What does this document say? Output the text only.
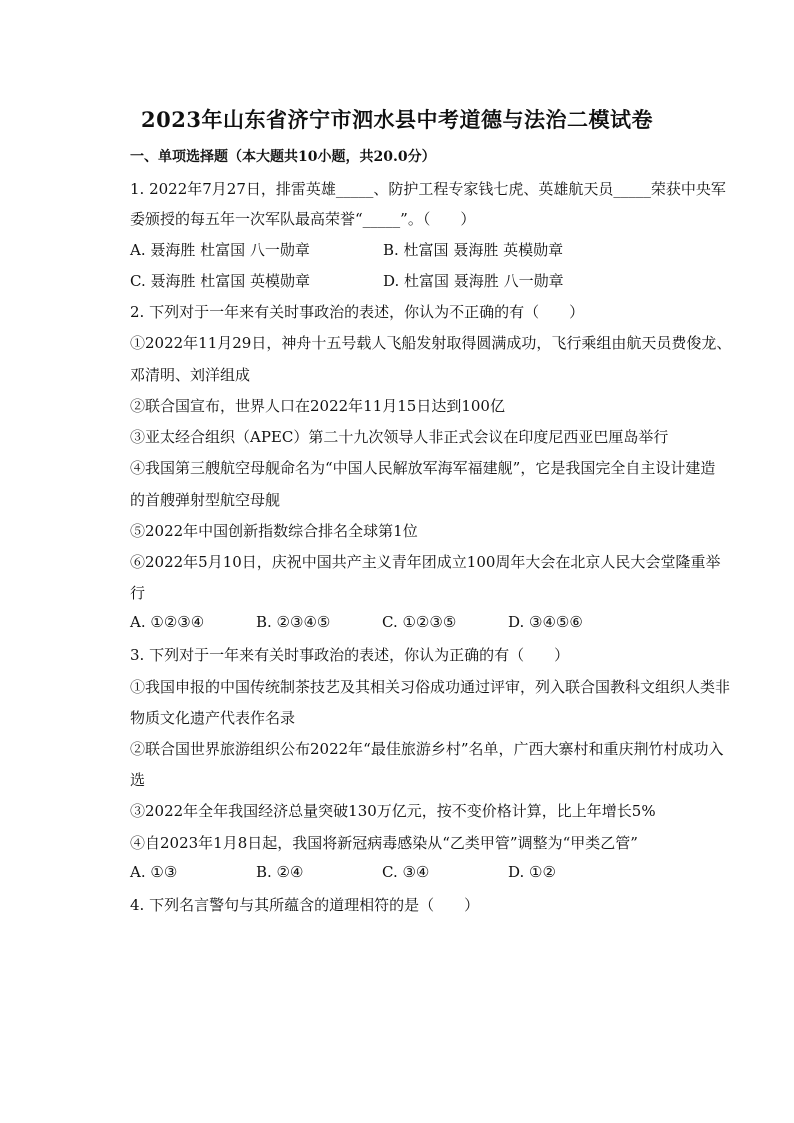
2023年山东省济宁市泗水县中考道德与法治二模试卷
一、单项选择题（本大题共10小题，共20.0分）
1. 2022年7月27日，排雷英雄_____、防护工程专家钱七虎、英雄航天员_____荣获中央军
委颁授的每五年一次军队最高荣誉“_____”。（　　）
A. 聂海胜 杜富国 八一勋章	B. 杜富国 聂海胜 英模勋章
C. 聂海胜 杜富国 英模勋章	D. 杜富国 聂海胜 八一勋章
2. 下列对于一年来有关时事政治的表述，你认为不正确的有（　　）
①2022年11月29日，神舟十五号载人飞船发射取得圆满成功，飞行乘组由航天员费俊龙、
邓清明、刘洋组成
②联合国宣布，世界人口在2022年11月15日达到100亿
③亚太经合组织（APEC）第二十九次领导人非正式会议在印度尼西亚巴厘岛举行
④我国第三艘航空母舰命名为“中国人民解放军海军福建舰”，它是我国完全自主设计建造
的首艘弹射型航空母舰
⑤2022年中国创新指数综合排名全球第1位
⑥2022年5月10日，庆祝中国共产主义青年团成立100周年大会在北京人民大会堂隆重举
行
A. ①②③④	B. ②③④⑤	C. ①②③⑤	D. ③④⑤⑥
3. 下列对于一年来有关时事政治的表述，你认为正确的有（　　）
①我国申报的中国传统制茶技艺及其相关习俗成功通过评审，列入联合国教科文组织人类非
物质文化遗产代表作名录
②联合国世界旅游组织公布2022年“最佳旅游乡村”名单，广西大寨村和重庆荆竹村成功入
选
③2022年全年我国经济总量突破130万亿元，按不变价格计算，比上年增长5%
④自2023年1月8日起，我国将新冠病毒感染从“乙类甲管”调整为“甲类乙管”
A. ①③	B. ②④	C. ③④	D. ①②
4. 下列名言警句与其所蕴含的道理相符的是（　　）
